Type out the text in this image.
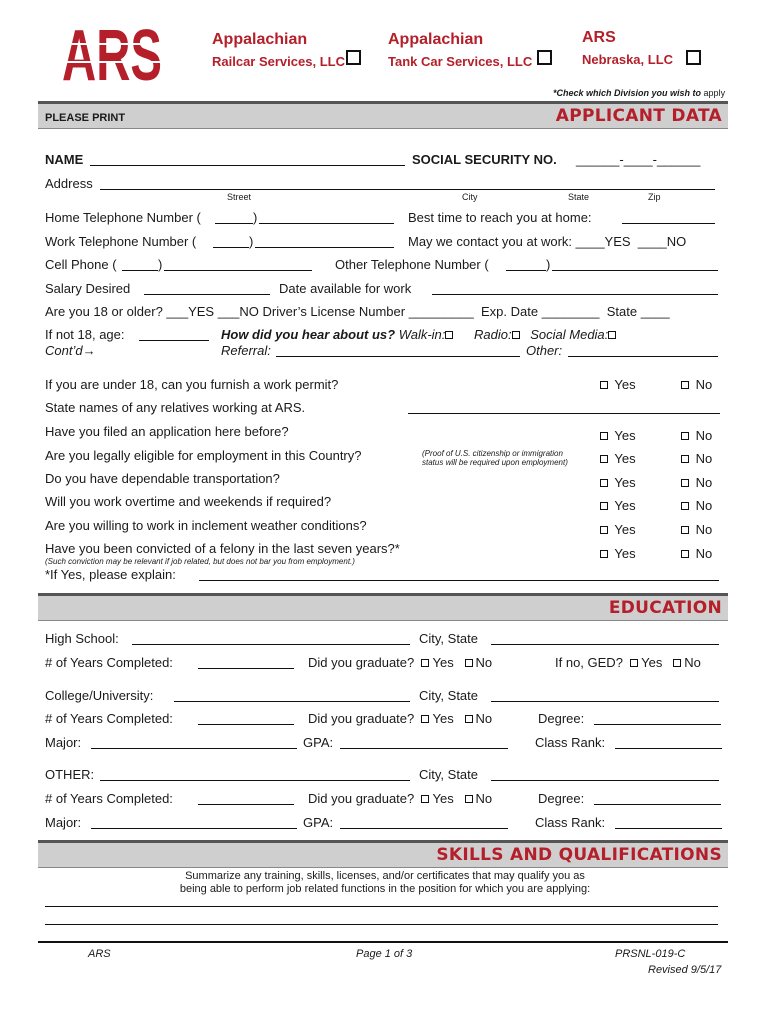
ARS	Appalachian
Railcar Services, LLC
Appalachian
Tank Car Services, LLC
ARS
Nebraska, LLC
*Check which Division you wish to apply
PLEASE PRINT	APPLICANT DATA
NAME	SOCIAL SECURITY NO. ______-____-______
Address
Street	City	State	Zip
Home Telephone Number (	)	Best time to reach you at home:
Work Telephone Number (	)	May we contact you at work: ____YES  ____NO
Cell Phone (	)	Other Telephone Number (	)
Salary Desired	Date available for work
Are you 18 or older? ___YES ___NO Driver’s License Number _________  Exp. Date ________  State ____
If not 18, age:
Cont’d→
How did you hear about us? Walk-in: Radio: Social Media:
Referral:	Other:
If you are under 18, can you furnish a work permit?	Yes	No
Have you filed an application here before?	Yes	No
Are you legally eligible for employment in this Country?	Yes	No
Do you have dependable transportation?	Yes	No
Will you work overtime and weekends if required?	Yes	No
Are you willing to work in inclement weather conditions?	Yes	No
Have you been convicted of a felony in the last seven years?*	Yes	No
State names of any relatives working at ARS.
(Proof of U.S. citizenship or immigration
status will be required upon employment)
(Such conviction may be relevant if job related, but does not bar you from employment.)
*If Yes, please explain:
EDUCATION
High School:	City, State
# of Years Completed:	Did you graduate? Yes No	If no, GED? Yes No
College/University:	City, State
# of Years Completed:	Did you graduate? Yes No	Degree:
Major:	GPA:	Class Rank:
OTHER:	City, State
# of Years Completed:	Did you graduate? Yes No	Degree:
Major:	GPA:	Class Rank:
SKILLS AND QUALIFICATIONS
Summarize any training, skills, licenses, and/or certificates that may qualify you as
being able to perform job related functions in the position for which you are applying:
ARS	Page 1 of 3	PRSNL-019-C
Revised 9/5/17
